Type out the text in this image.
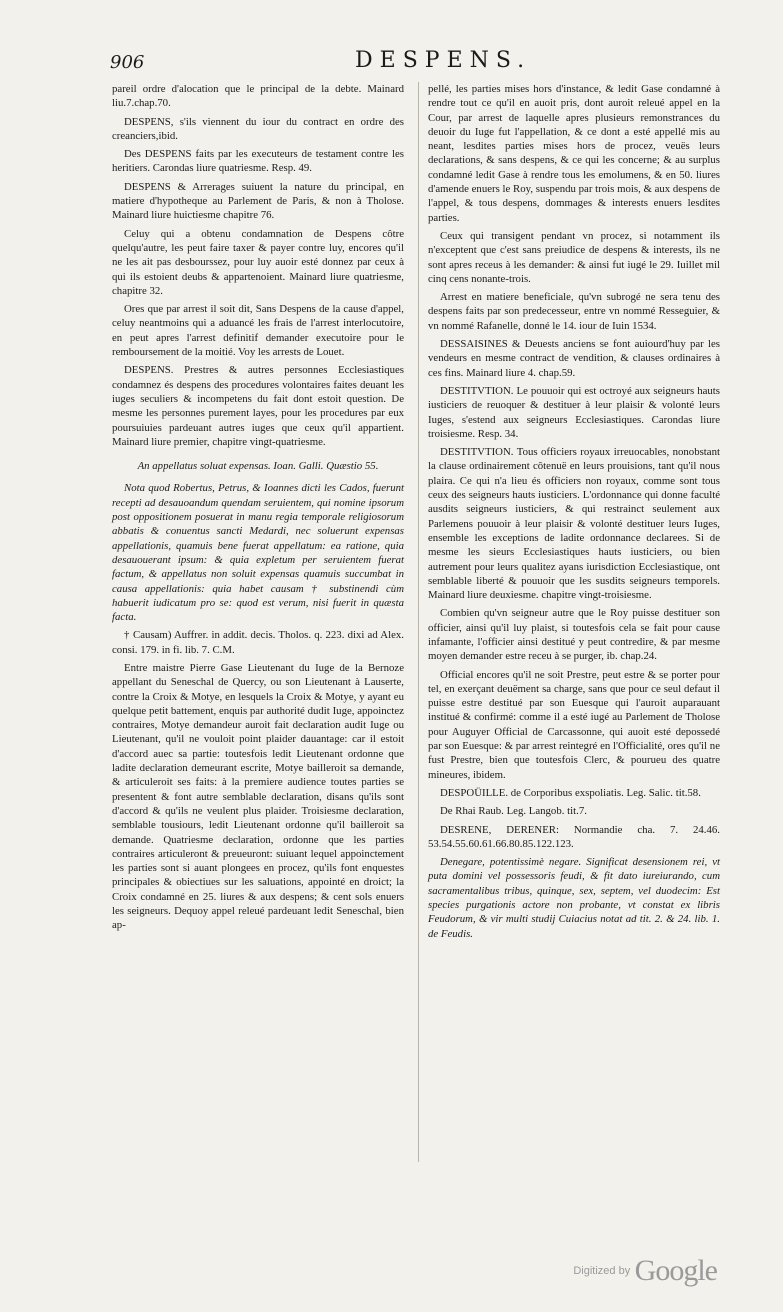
906	DESPENS.

pareil ordre d'alocation que le principal de la debte. Mainard liu.7.chap.70.

DESPENS, s'ils viennent du iour du contract en ordre des creanciers,ibid.

Des DESPENS faits par les executeurs de testament contre les heritiers. Carondas liure quatriesme. Resp. 49.

DESPENS & Arrerages suiuent la nature du principal, en matiere d'hypotheque au Parlement de Paris, & non à Tholose. Mainard liure huictiesme chapitre 76.

Celuy qui a obtenu condamnation de Despens côtre quelqu'autre, les peut faire taxer & payer contre luy, encores qu'il ne les ait pas desbourssez, pour luy auoir esté donnez par ceux à qui ils estoient deubs & appartenoient. Mainard liure quatriesme, chapitre 32.

Ores que par arrest il soit dit, Sans Despens de la cause d'appel, celuy neantmoins qui a aduancé les frais de l'arrest interlocutoire, en peut apres l'arrest definitif demander executoire pour le remboursement de la moitié. Voy les arrests de Louet.

DESPENS. Prestres & autres personnes Ecclesiastiques condamnez és despens des procedures volontaires faites deuant les iuges seculiers & incompetens du fait dont estoit question. De mesme les personnes purement layes, pour les procedures par eux poursuiuies pardeuant autres iuges que ceux qu'il appartient. Mainard liure premier, chapitre vingt-quatriesme.

An appellatus soluat expensas. Ioan. Galli. Quæstio 55.

Nota quod Robertus, Petrus, & Ioannes dicti les Cados, fuerunt recepti ad desauoandum quendam seruientem, qui nomine ipsorum post oppositionem posuerat in manu regia temporale religiosorum abbatis & conuentus sancti Medardi, nec soluerunt expensas appellationis, quamuis bene fuerat appellatum: ea ratione, quia desauouerant ipsum: & quia expletum per seruientem fuerat factum, & appellatus non soluit expensas quamuis succumbat in causa appellationis: quia habet causam † substinendi cùm habuerit iudicatum pro se: quod est verum, nisi fuerit in quæsta facta.

† Causam) Auffrer. in addit. decis. Tholos. q. 223. dixi ad Alex. consi. 179. in fi. lib. 7. C.M.

Entre maistre Pierre Gase Lieutenant du Iuge de la Bernoze appellant du Seneschal de Quercy, ou son Lieutenant à Lauserte, contre la Croix & Motye, en lesquels la Croix & Motye, y ayant eu quelque petit battement, enquis par authorité dudit Iuge, appoinctez contraires, Motye demandeur auroit fait declaration audit Iuge ou Lieutenant, qu'il ne vouloit point plaider dauantage: car il estoit d'accord auec sa partie: toutesfois ledit Lieutenant ordonne que ladite declaration demeurant escrite, Motye bailleroit sa demande, & articuleroit ses faits: à la premiere audience toutes parties se presentent & font autre semblable declaration, disans qu'ils sont d'accord & qu'ils ne veulent plus plaider. Troisiesme declaration, semblable tousiours, ledit Lieutenant ordonne qu'il bailleroit sa demande. Quatriesme declaration, ordonne que les parties contraires articuleront & preueuront: suiuant lequel appoinctement les parties sont si auant plongees en procez, qu'ils font enquestes principales & obiectiues sur les saluations, appointé en droict; la Croix condamné en 25. liures & aux despens; & cent sols enuers les seigneurs. Dequoy appel releué pardeuant ledit Seneschal, bien ap-

pellé, les parties mises hors d'instance, & ledit Gase condamné à rendre tout ce qu'il en auoit pris, dont auroit releué appel en la Cour, par arrest de laquelle apres plusieurs remonstrances du deuoir du Iuge fut l'appellation, & ce dont a esté appellé mis au neant, lesdites parties mises hors de procez, veuës leurs declarations, & sans despens, & ce qui les concerne; & au surplus condamné ledit Gase à rendre tous les emolumens, & en 50. liures d'amende enuers le Roy, suspendu par trois mois, & aux despens de l'appel, & tous despens, dommages & interests enuers lesdites parties.

Ceux qui transigent pendant vn procez, si notamment ils n'exceptent que c'est sans preiudice de despens & interests, ils ne sont apres receus à les demander: & ainsi fut iugé le 29. Iuillet mil cinq cens nonante-trois.

Arrest en matiere beneficiale, qu'vn subrogé ne sera tenu des despens faits par son predecesseur, entre vn nommé Resseguier, & vn nommé Rafanelle, donné le 14. iour de Iuin 1534.

DESSAISINES & Deuests anciens se font auiourd'huy par les vendeurs en mesme contract de vendition, & clauses ordinaires à ces fins. Mainard liure 4. chap.59.

DESTITVTION. Le pouuoir qui est octroyé aux seigneurs hauts iusticiers de reuoquer & destituer à leur plaisir & volonté leurs Iuges, s'estend aux seigneurs Ecclesiastiques. Carondas liure troisiesme. Resp. 34.

DESTITVTION. Tous officiers royaux irreuocables, nonobstant la clause ordinairement côtenuë en leurs prouisions, tant qu'il nous plaira. Ce qui n'a lieu és officiers non royaux, comme sont tous ceux des seigneurs hauts iusticiers. L'ordonnance qui donne faculté ausdits seigneurs iusticiers, & qui restrainct seulement aux Parlemens pouuoir à leur plaisir & volonté destituer leurs Iuges, ensemble les exceptions de ladite ordonnance declarees. Si de mesme les sieurs Ecclesiastiques hauts iusticiers, ou bien autrement pour leurs qualitez ayans iurisdiction Ecclesiastique, ont semblable liberté & pouuoir que les susdits seigneurs temporels. Mainard liure deuxiesme. chapitre vingt-troisiesme.

Combien qu'vn seigneur autre que le Roy puisse destituer son officier, ainsi qu'il luy plaist, si toutesfois cela se fait pour cause infamante, l'officier ainsi destitué y peut contredire, & par mesme moyen demander estre receu à se purger, ib. chap.24.

Official encores qu'il ne soit Prestre, peut estre & se porter pour tel, en exerçant deuëment sa charge, sans que pour ce seul defaut il puisse estre destitué par son Euesque qui l'auroit auparauant institué & confirmé: comme il a esté iugé au Parlement de Tholose pour Auguyer Official de Carcassonne, qui auoit esté depossedé par son Euesque: & par arrest reintegré en l'Officialité, ores qu'il ne fust Prestre, bien que toutesfois Clerc, & pourueu des quatre mineures, ibidem.

DESPOÜILLE. de Corporibus exspoliatis. Leg. Salic. tit.58.

De Rhai Raub. Leg. Langob. tit.7.

DESRENE, DERENER: Normandie cha. 7. 24.46. 53.54.55.60.61.66.80.85.122.123.

Denegare, potentissimè negare. Significat desensionem rei, vt puta domini vel possessoris feudi, & fit dato iureiurando, cum sacramentalibus tribus, quinque, sex, septem, vel duodecim: Est species purgationis actore non probante, vt constat ex libris Feudorum, & vir multi studij Cuiacius notat ad tit. 2. & 24. lib. 1. de Feudis.

Digitized by Google
